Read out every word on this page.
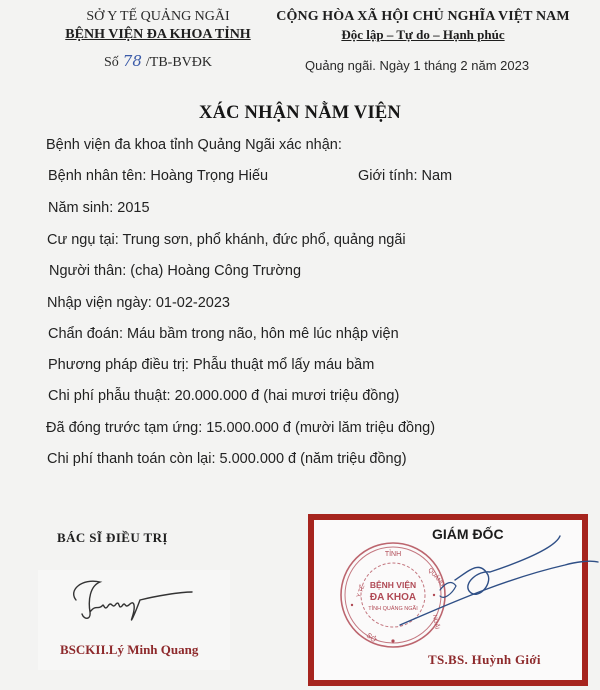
SỞ Y TẾ QUẢNG NGÃI
BỆNH VIỆN ĐA KHOA TỈNH
Số 78 /TB-BVĐK
CỘNG HÒA XÃ HỘI CHỦ NGHĨA VIỆT NAM
Độc lập – Tự do – Hạnh phúc
Quảng ngãi. Ngày 1 tháng 2 năm 2023
XÁC NHẬN NẰM VIỆN
Bệnh viện đa khoa tỉnh Quảng Ngãi xác nhận:
Bệnh nhân tên: Hoàng Trọng Hiếu	Giới tính: Nam
Năm sinh: 2015
Cư ngụ tại: Trung sơn, phổ khánh, đức phổ, quảng ngãi
Người thân: (cha) Hoàng Công Trường
Nhập viện ngày: 01-02-2023
Chẩn đoán: Máu bầm trong não, hôn mê lúc nhập viện
Phương pháp điều trị: Phẫu thuật mổ lấy máu bầm
Chi phí phẫu thuật: 20.000.000 đ (hai mươi triệu đồng)
Đã đóng trước tạm ứng: 15.000.000 đ (mười lăm triệu đồng)
Chi phí thanh toán còn lại: 5.000.000 đ (năm triệu đồng)
BÁC SĨ ĐIỀU TRỊ
BSCKII.Lý Minh Quang
GIÁM ĐỐC
TỈNH
Y TẾ
QUẢNG
NGÃI
SỞ
BỆNH VIỆN
ĐA KHOA
TỈNH QUẢNG NGÃI
TS.BS. Huỳnh Giới
